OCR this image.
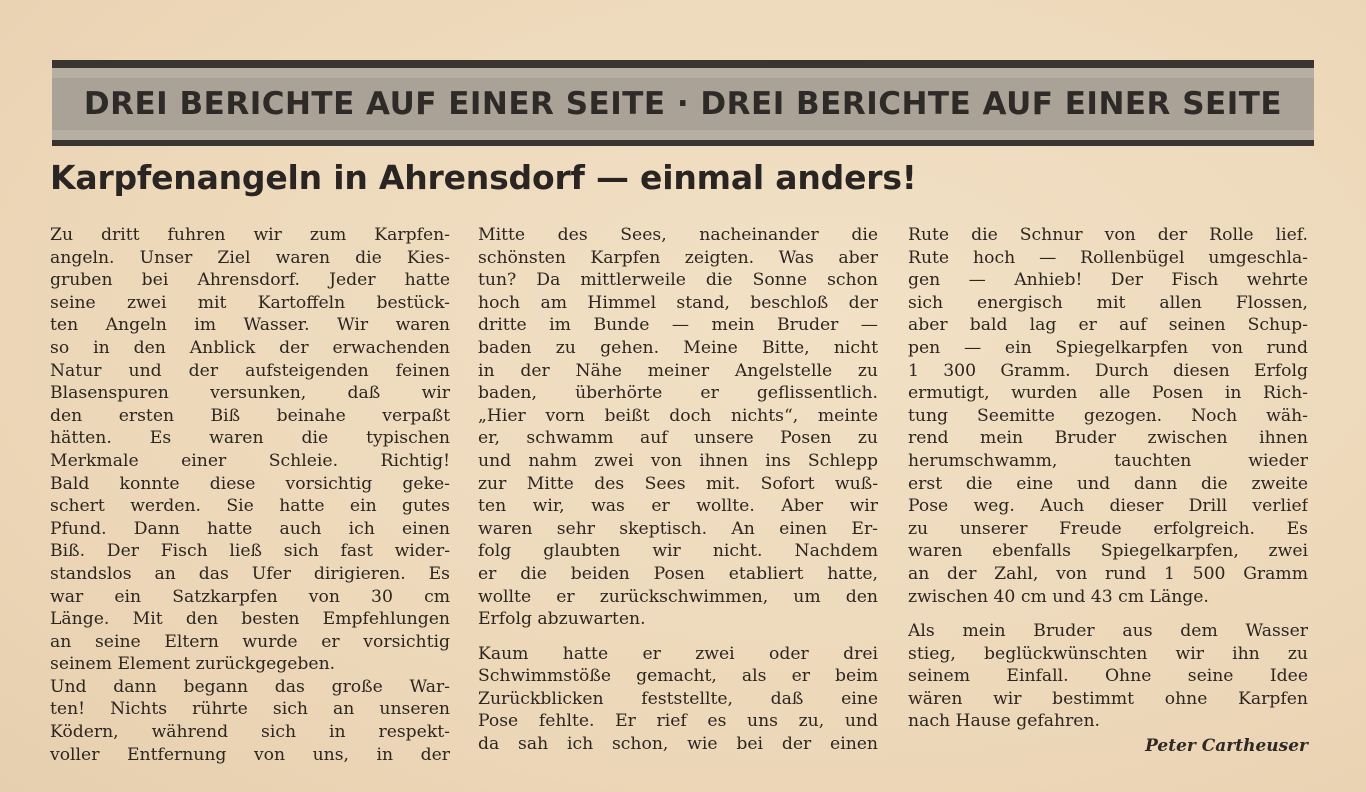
DREI BERICHTE AUF EINER SEITE · DREI BERICHTE AUF EINER SEITE
Karpfenangeln in Ahrensdorf — einmal anders!
Zu dritt fuhren wir zum Karpfen-
angeln. Unser Ziel waren die Kies-
gruben bei Ahrensdorf. Jeder hatte
seine zwei mit Kartoffeln bestück-
ten Angeln im Wasser. Wir waren
so in den Anblick der erwachenden
Natur und der aufsteigenden feinen
Blasenspuren versunken, daß wir
den ersten Biß beinahe verpaßt
hätten. Es waren die typischen
Merkmale einer Schleie. Richtig!
Bald konnte diese vorsichtig geke-
schert werden. Sie hatte ein gutes
Pfund. Dann hatte auch ich einen
Biß. Der Fisch ließ sich fast wider-
standslos an das Ufer dirigieren. Es
war ein Satzkarpfen von 30 cm
Länge. Mit den besten Empfehlungen
an seine Eltern wurde er vorsichtig
seinem Element zurückgegeben.
Und dann begann das große War-
ten! Nichts rührte sich an unseren
Ködern, während sich in respekt-
voller Entfernung von uns, in der
Mitte des Sees, nacheinander die
schönsten Karpfen zeigten. Was aber
tun? Da mittlerweile die Sonne schon
hoch am Himmel stand, beschloß der
dritte im Bunde — mein Bruder —
baden zu gehen. Meine Bitte, nicht
in der Nähe meiner Angelstelle zu
baden, überhörte er geflissentlich.
„Hier vorn beißt doch nichts“, meinte
er, schwamm auf unsere Posen zu
und nahm zwei von ihnen ins Schlepp
zur Mitte des Sees mit. Sofort wuß-
ten wir, was er wollte. Aber wir
waren sehr skeptisch. An einen Er-
folg glaubten wir nicht. Nachdem
er die beiden Posen etabliert hatte,
wollte er zurückschwimmen, um den
Erfolg abzuwarten.
Kaum hatte er zwei oder drei
Schwimmstöße gemacht, als er beim
Zurückblicken feststellte, daß eine
Pose fehlte. Er rief es uns zu, und
da sah ich schon, wie bei der einen
Rute die Schnur von der Rolle lief.
Rute hoch — Rollenbügel umgeschla-
gen — Anhieb! Der Fisch wehrte
sich energisch mit allen Flossen,
aber bald lag er auf seinen Schup-
pen — ein Spiegelkarpfen von rund
1 300 Gramm. Durch diesen Erfolg
ermutigt, wurden alle Posen in Rich-
tung Seemitte gezogen. Noch wäh-
rend mein Bruder zwischen ihnen
herumschwamm, tauchten wieder
erst die eine und dann die zweite
Pose weg. Auch dieser Drill verlief
zu unserer Freude erfolgreich. Es
waren ebenfalls Spiegelkarpfen, zwei
an der Zahl, von rund 1 500 Gramm
zwischen 40 cm und 43 cm Länge.
Als mein Bruder aus dem Wasser
stieg, beglückwünschten wir ihn zu
seinem Einfall. Ohne seine Idee
wären wir bestimmt ohne Karpfen
nach Hause gefahren.
Peter Cartheuser
